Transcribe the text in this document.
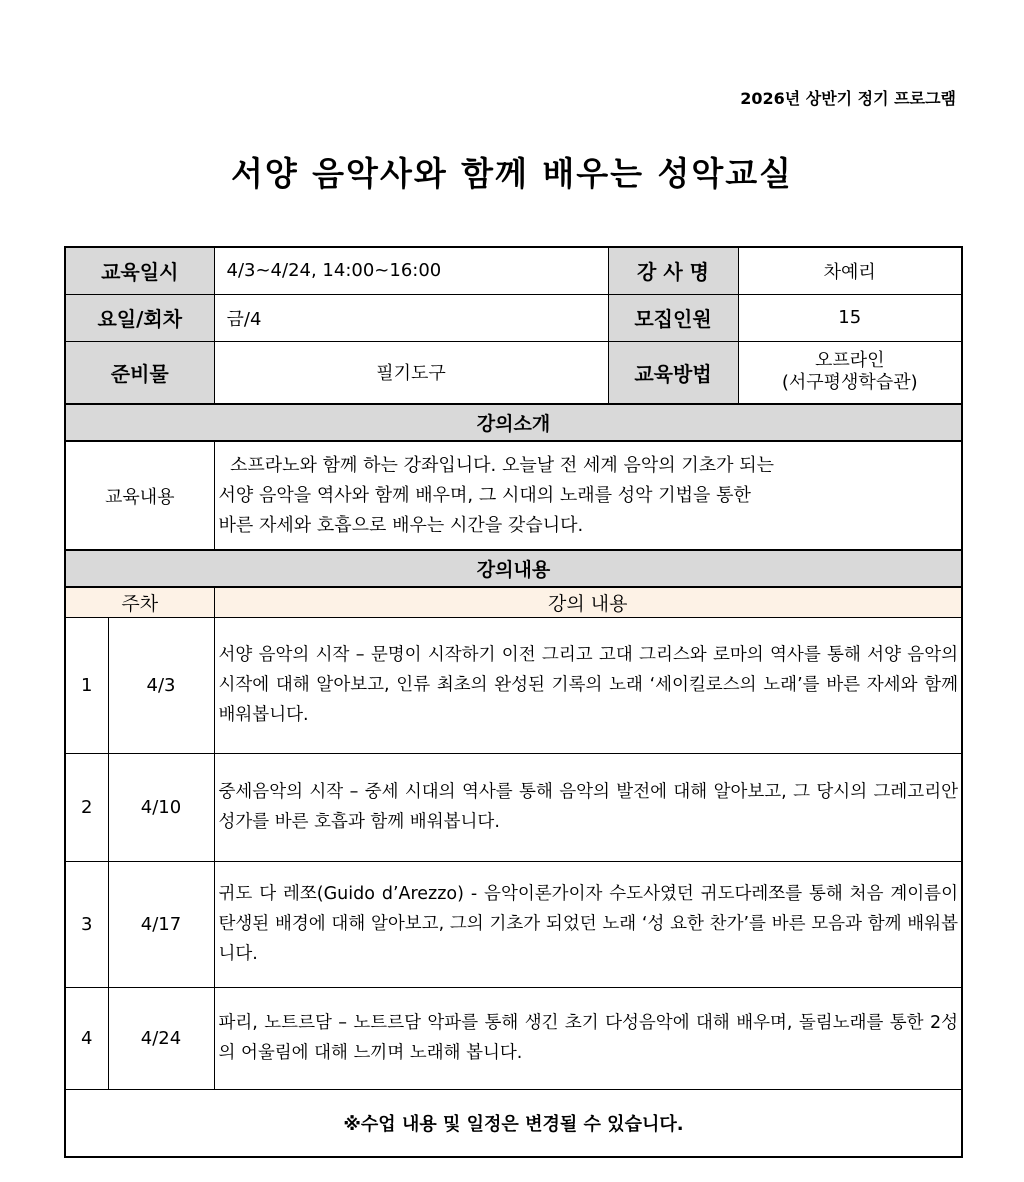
2026년 상반기 정기 프로그램
서양 음악사와 함께 배우는 성악교실
교육일시		4/3~4/24, 14:00~16:00	강 사 명	차예리
요일/회차		금/4	모집인원	15
준비물		필기도구	교육방법	오프라인
(서구평생학습관)

강의소개				
교육내용		소프라노와 함께 하는 강좌입니다. 오늘날 전 세계 음악의 기초가 되는
서양 음악을 역사와 함께 배우며, 그 시대의 노래를 성악 기법을 통한
바른 자세와 호흡으로 배우는 시간을 갖습니다.		

강의내용				
주차		강의 내용		
1	4/3	서양 음악의 시작 – 문명이 시작하기 이전 그리고 고대 그리스와 로마의 역사를 통해 서양 음악의 시작에 대해 알아보고, 인류 최초의 완성된 기록의 노래 ‘세이킬로스의 노래’를 바른 자세와 함께 배워봅니다.		
2	4/10	중세음악의 시작 – 중세 시대의 역사를 통해 음악의 발전에 대해 알아보고, 그 당시의 그레고리안 성가를 바른 호흡과 함께 배워봅니다.		
3	4/17	귀도 다 레쪼(Guido d’Arezzo) - 음악이론가이자 수도사였던 귀도다레쪼를 통해 처음 계이름이 탄생된 배경에 대해 알아보고, 그의 기초가 되었던 노래 ‘성 요한 찬가’를 바른 모음과 함께 배워봅니다.		
4	4/24	파리, 노트르담 – 노트르담 악파를 통해 생긴 초기 다성음악에 대해 배우며, 돌림노래를 통한 2성의 어울림에 대해 느끼며 노래해 봅니다.		
※수업 내용 및 일정은 변경될 수 있습니다.				
